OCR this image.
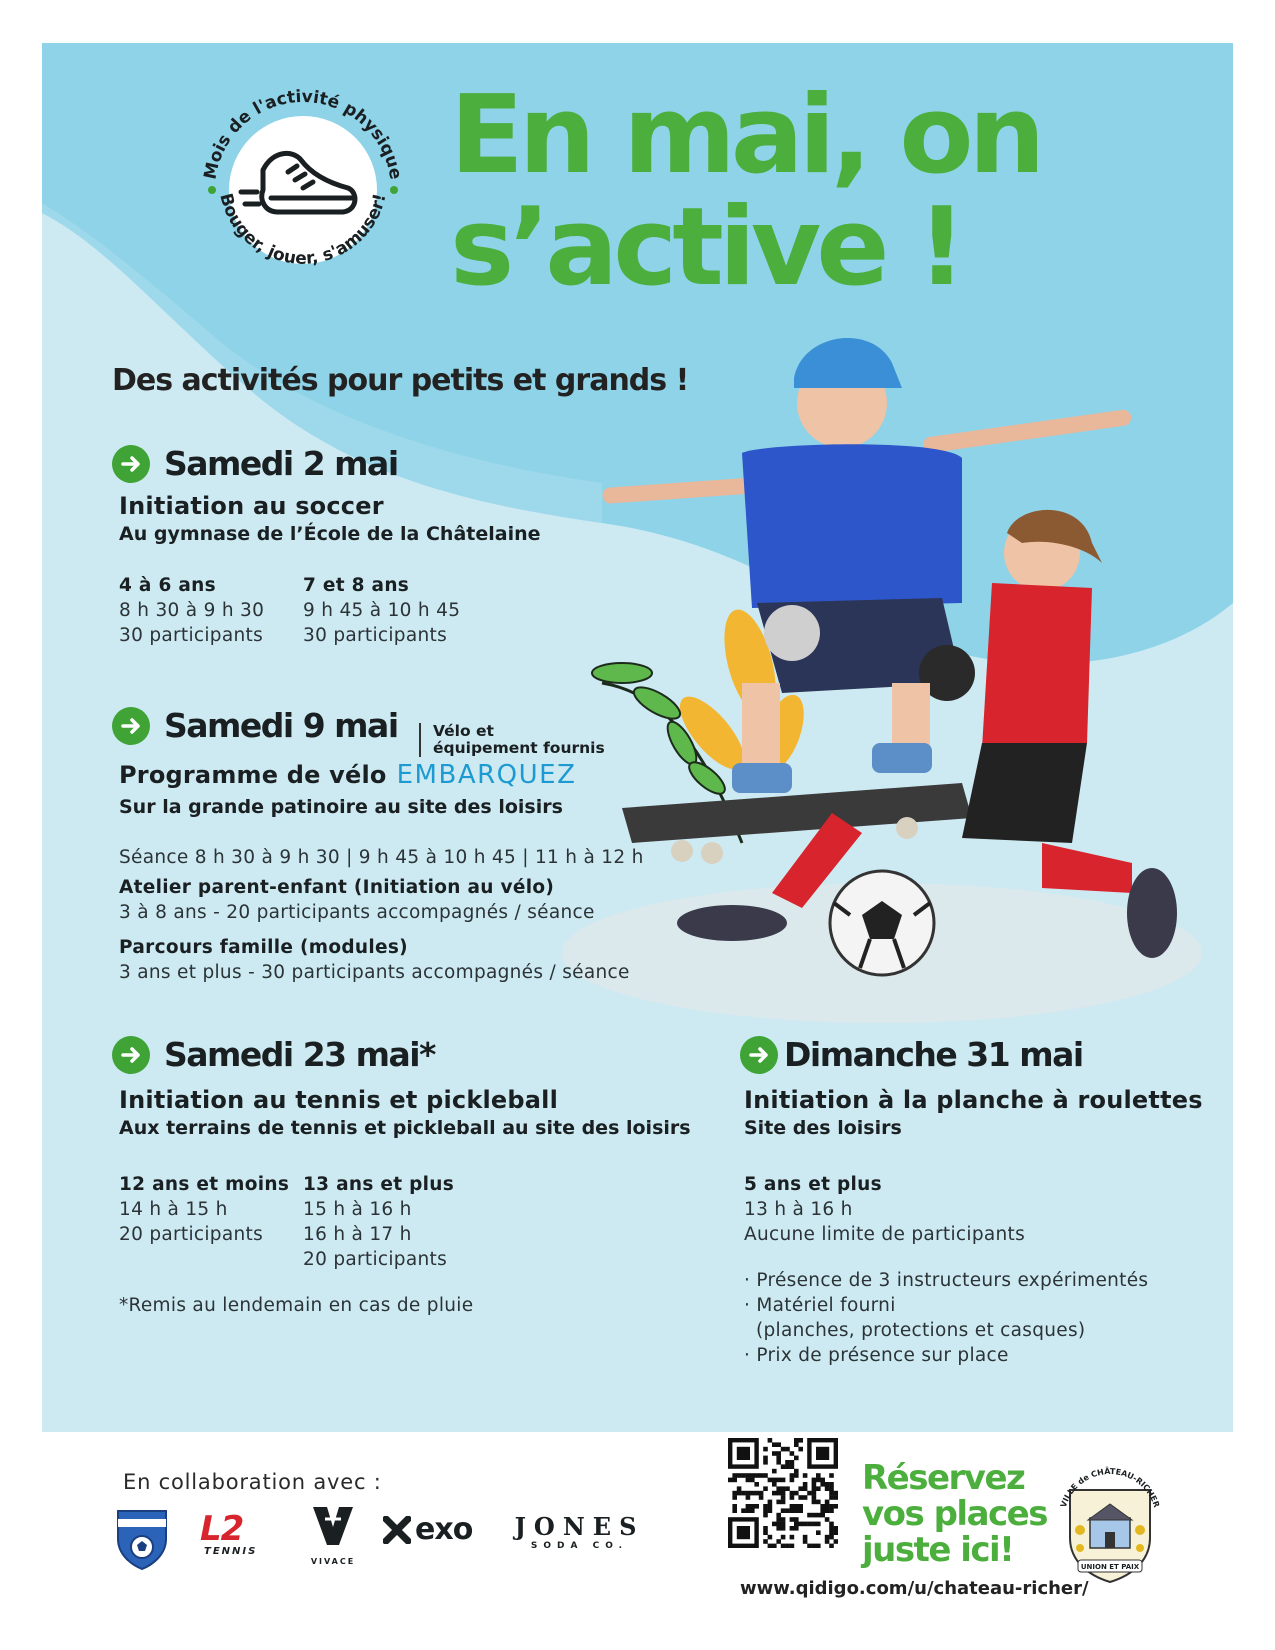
Mois de l'activité physique
Bouger, jouer, s'amuser! En mai, on
s’active !
Des activités pour petits et grands !
Samedi 2 mai
Initiation au soccer
Au gymnase de l’École de la Châtelaine
4 à 6 ans
8 h 30 à 9 h 30
30 participants
7 et 8 ans
9 h 45 à 10 h 45
30 participants
Samedi 9 mai Vélo et
équipement fournis
Programme de vélo EMBARQUEZ
Sur la grande patinoire au site des loisirs
Séance 8 h 30 à 9 h 30 | 9 h 45 à 10 h 45 | 11 h à 12 h
Atelier parent-enfant (Initiation au vélo)
3 à 8 ans - 20 participants accompagnés / séance
Parcours famille (modules)
3 ans et plus - 30 participants accompagnés / séance
Samedi 23 mai*
Initiation au tennis et pickleball
Aux terrains de tennis et pickleball au site des loisirs
12 ans et moins
14 h à 15 h
20 participants
13 ans et plus
15 h à 16 h
16 h à 17 h
20 participants
*Remis au lendemain en cas de pluie
Dimanche 31 mai
Initiation à la planche à roulettes
Site des loisirs
5 ans et plus
13 h à 16 h
Aucune limite de participants
· Présence de 3 instructeurs expérimentés
· Matériel fourni
(planches, protections et casques)
· Prix de présence sur place
En collaboration avec :
L2
TENNIS
VIVACE
exo JONES
SODA CO.
Réservez
vos places
juste ici!
www.qidigo.com/u/chateau-richer/
VILLE de CHÂTEAU-RICHER
UNION ET PAIX
